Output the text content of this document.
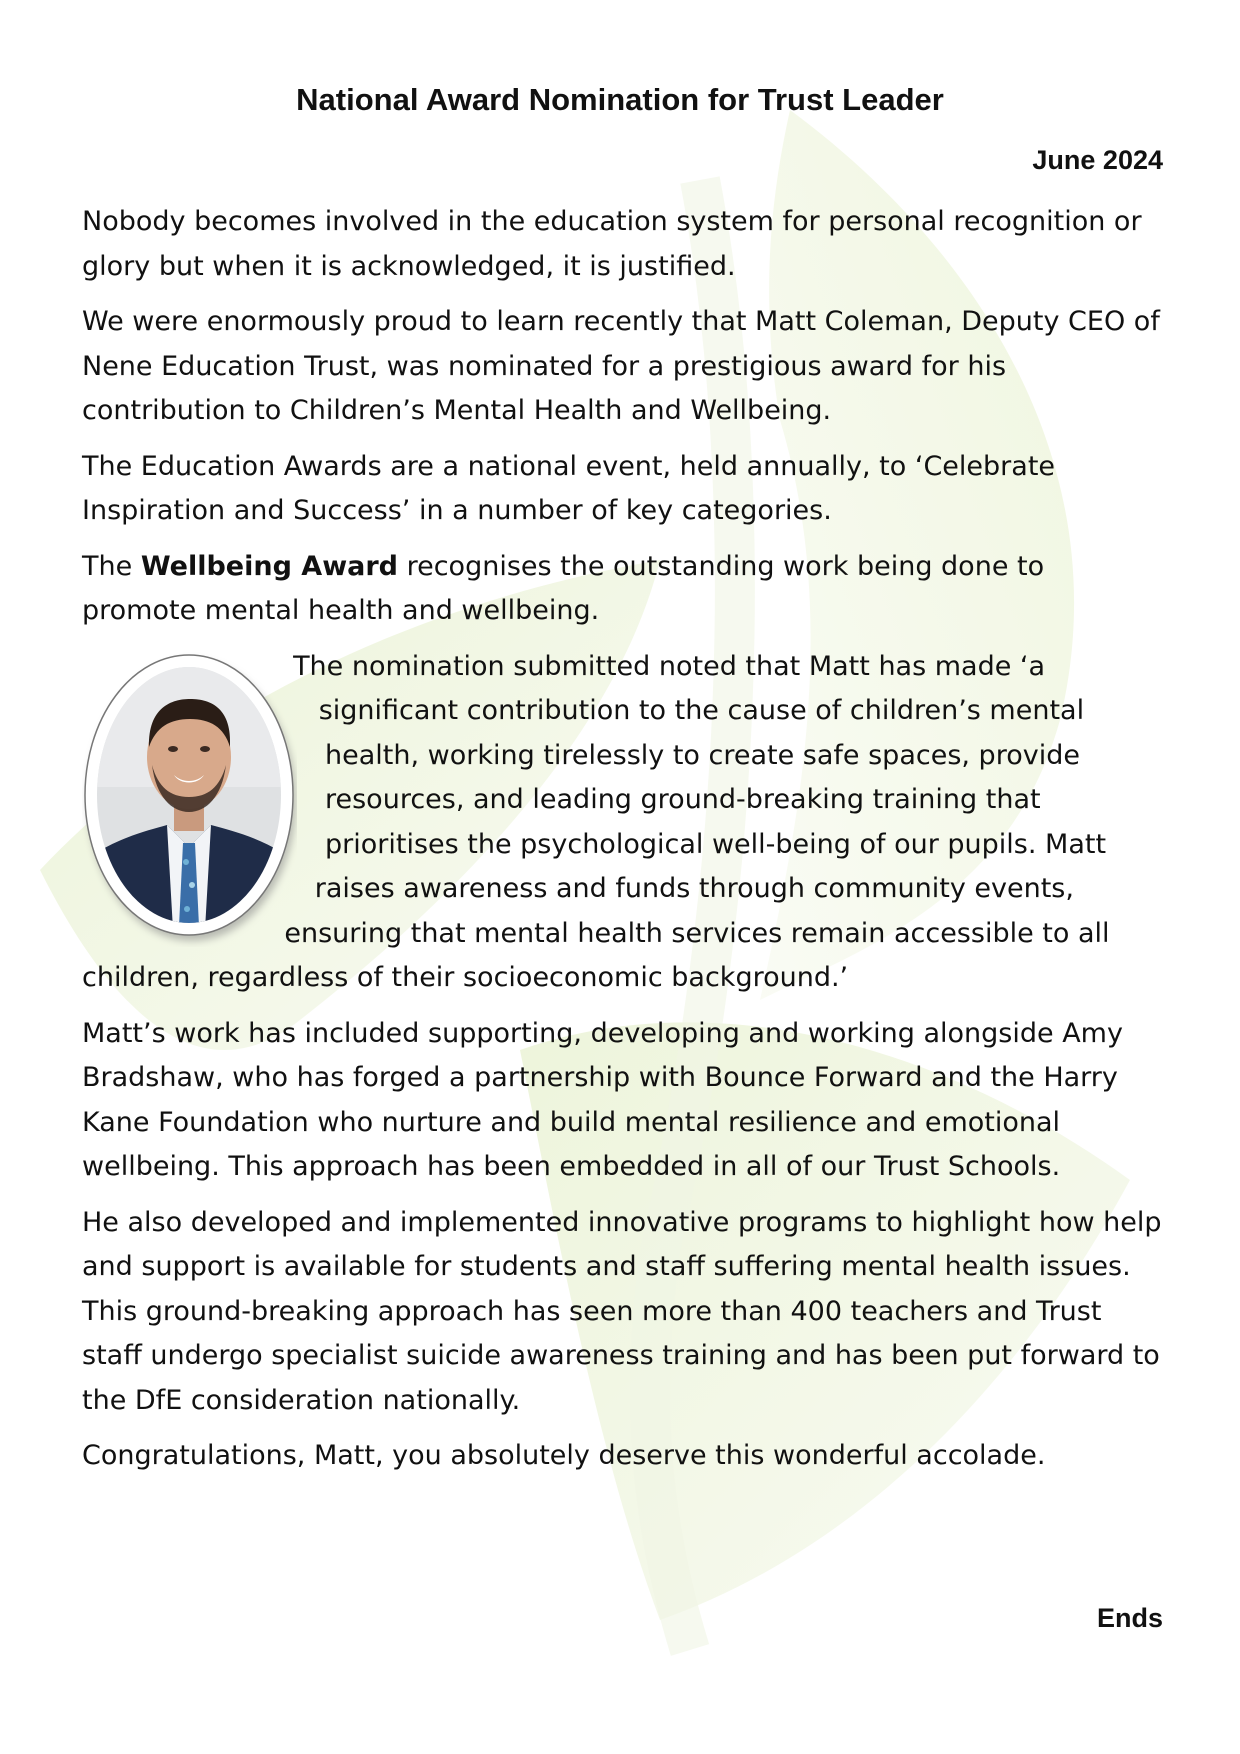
National Award Nomination for Trust Leader
June 2024

Nobody becomes involved in the education system for personal recognition or glory but when it is acknowledged, it is justified.

We were enormously proud to learn recently that Matt Coleman, Deputy CEO of Nene Education Trust, was nominated for a prestigious award for his contribution to Children’s Mental Health and Wellbeing.

The Education Awards are a national event, held annually, to ‘Celebrate Inspiration and Success’ in a number of key categories.

The Wellbeing Award recognises the outstanding work being done to promote mental health and wellbeing.

The nomination submitted noted that Matt has made ‘a significant contribution to the cause of children’s mental health, working tirelessly to create safe spaces, provide resources, and leading ground-breaking training that prioritises the psychological well-being of our pupils. Matt raises awareness and funds through community events, ensuring that mental health services remain accessible to all children, regardless of their socioeconomic background.’

Matt’s work has included supporting, developing and working alongside Amy Bradshaw, who has forged a partnership with Bounce Forward and the Harry Kane Foundation who nurture and build mental resilience and emotional wellbeing. This approach has been embedded in all of our Trust Schools.

He also developed and implemented innovative programs to highlight how help and support is available for students and staff suffering mental health issues. This ground-breaking approach has seen more than 400 teachers and Trust staff undergo specialist suicide awareness training and has been put forward to the DfE consideration nationally.

Congratulations, Matt, you absolutely deserve this wonderful accolade.

Ends
